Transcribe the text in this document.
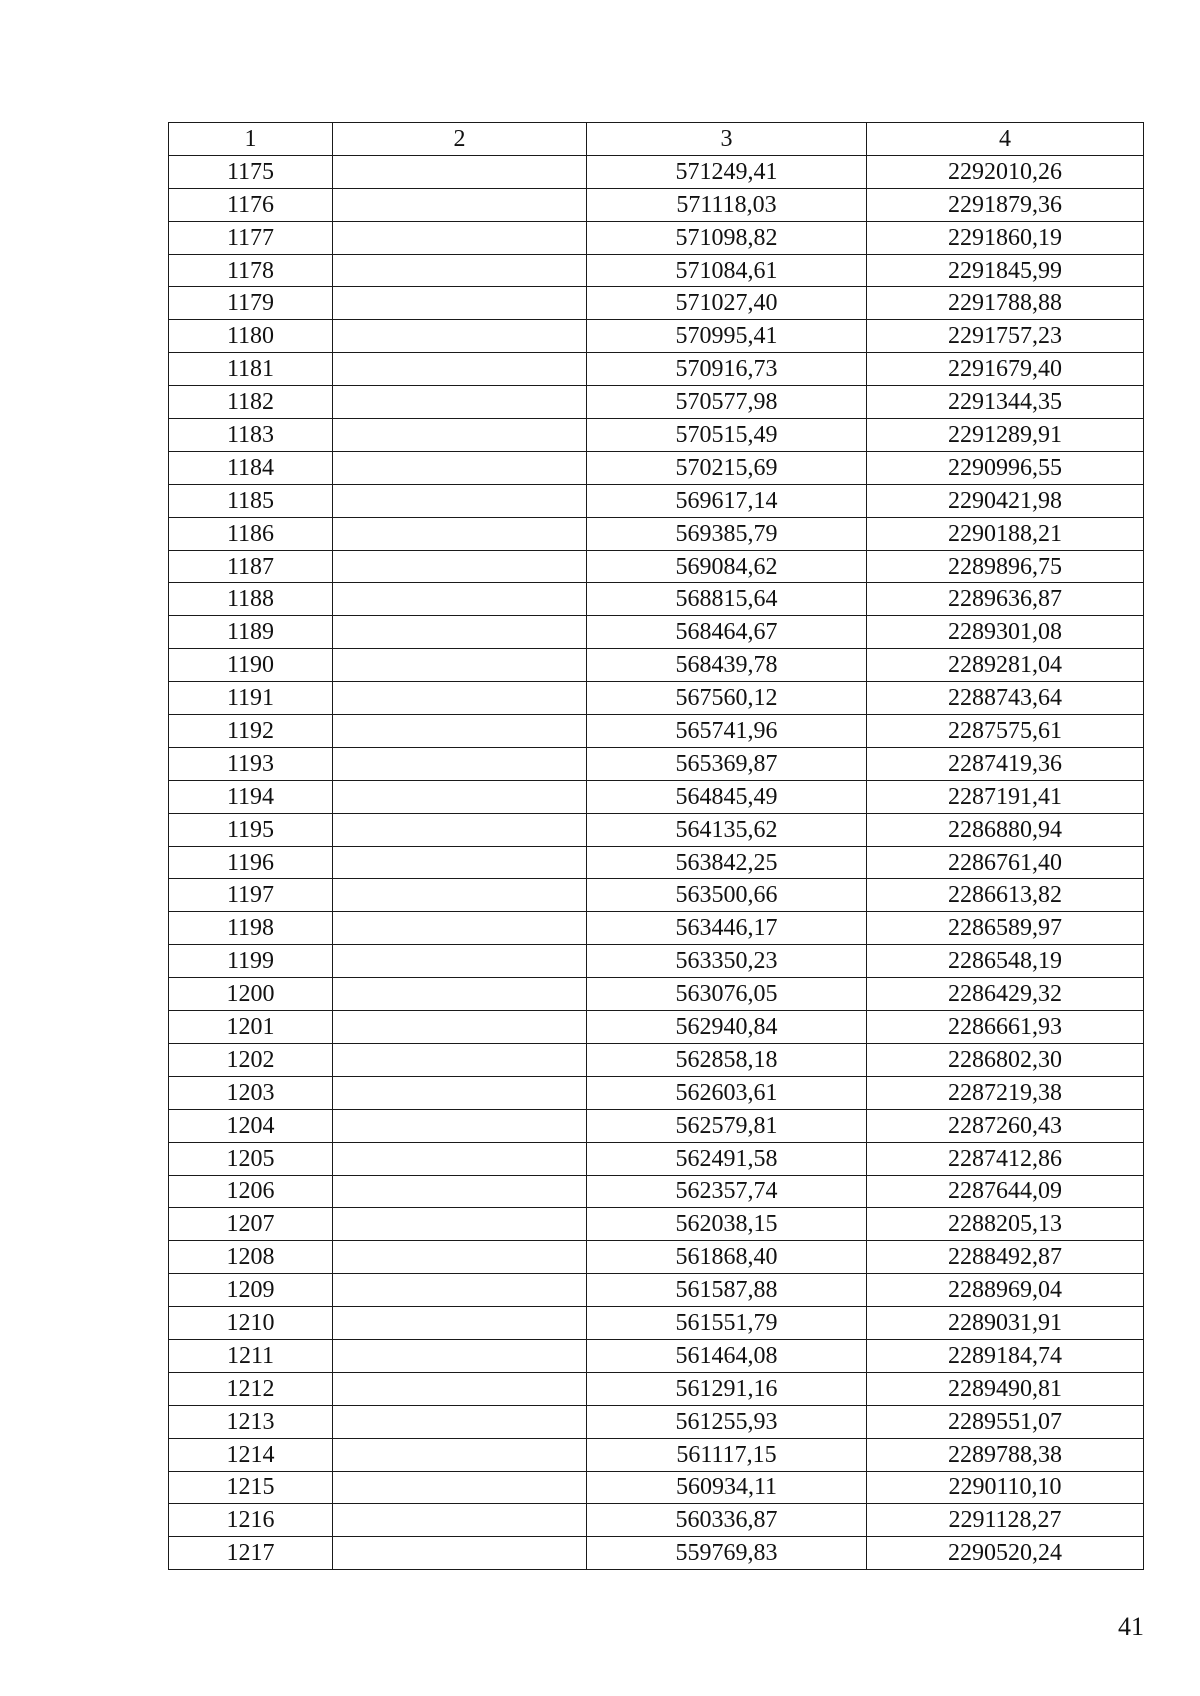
1	2	3	4
1175		571249,41	2292010,26
1176		571118,03	2291879,36
1177		571098,82	2291860,19
1178		571084,61	2291845,99
1179		571027,40	2291788,88
1180		570995,41	2291757,23
1181		570916,73	2291679,40
1182		570577,98	2291344,35
1183		570515,49	2291289,91
1184		570215,69	2290996,55
1185		569617,14	2290421,98
1186		569385,79	2290188,21
1187		569084,62	2289896,75
1188		568815,64	2289636,87
1189		568464,67	2289301,08
1190		568439,78	2289281,04
1191		567560,12	2288743,64
1192		565741,96	2287575,61
1193		565369,87	2287419,36
1194		564845,49	2287191,41
1195		564135,62	2286880,94
1196		563842,25	2286761,40
1197		563500,66	2286613,82
1198		563446,17	2286589,97
1199		563350,23	2286548,19
1200		563076,05	2286429,32
1201		562940,84	2286661,93
1202		562858,18	2286802,30
1203		562603,61	2287219,38
1204		562579,81	2287260,43
1205		562491,58	2287412,86
1206		562357,74	2287644,09
1207		562038,15	2288205,13
1208		561868,40	2288492,87
1209		561587,88	2288969,04
1210		561551,79	2289031,91
1211		561464,08	2289184,74
1212		561291,16	2289490,81
1213		561255,93	2289551,07
1214		561117,15	2289788,38
1215		560934,11	2290110,10
1216		560336,87	2291128,27
1217		559769,83	2290520,24
41
